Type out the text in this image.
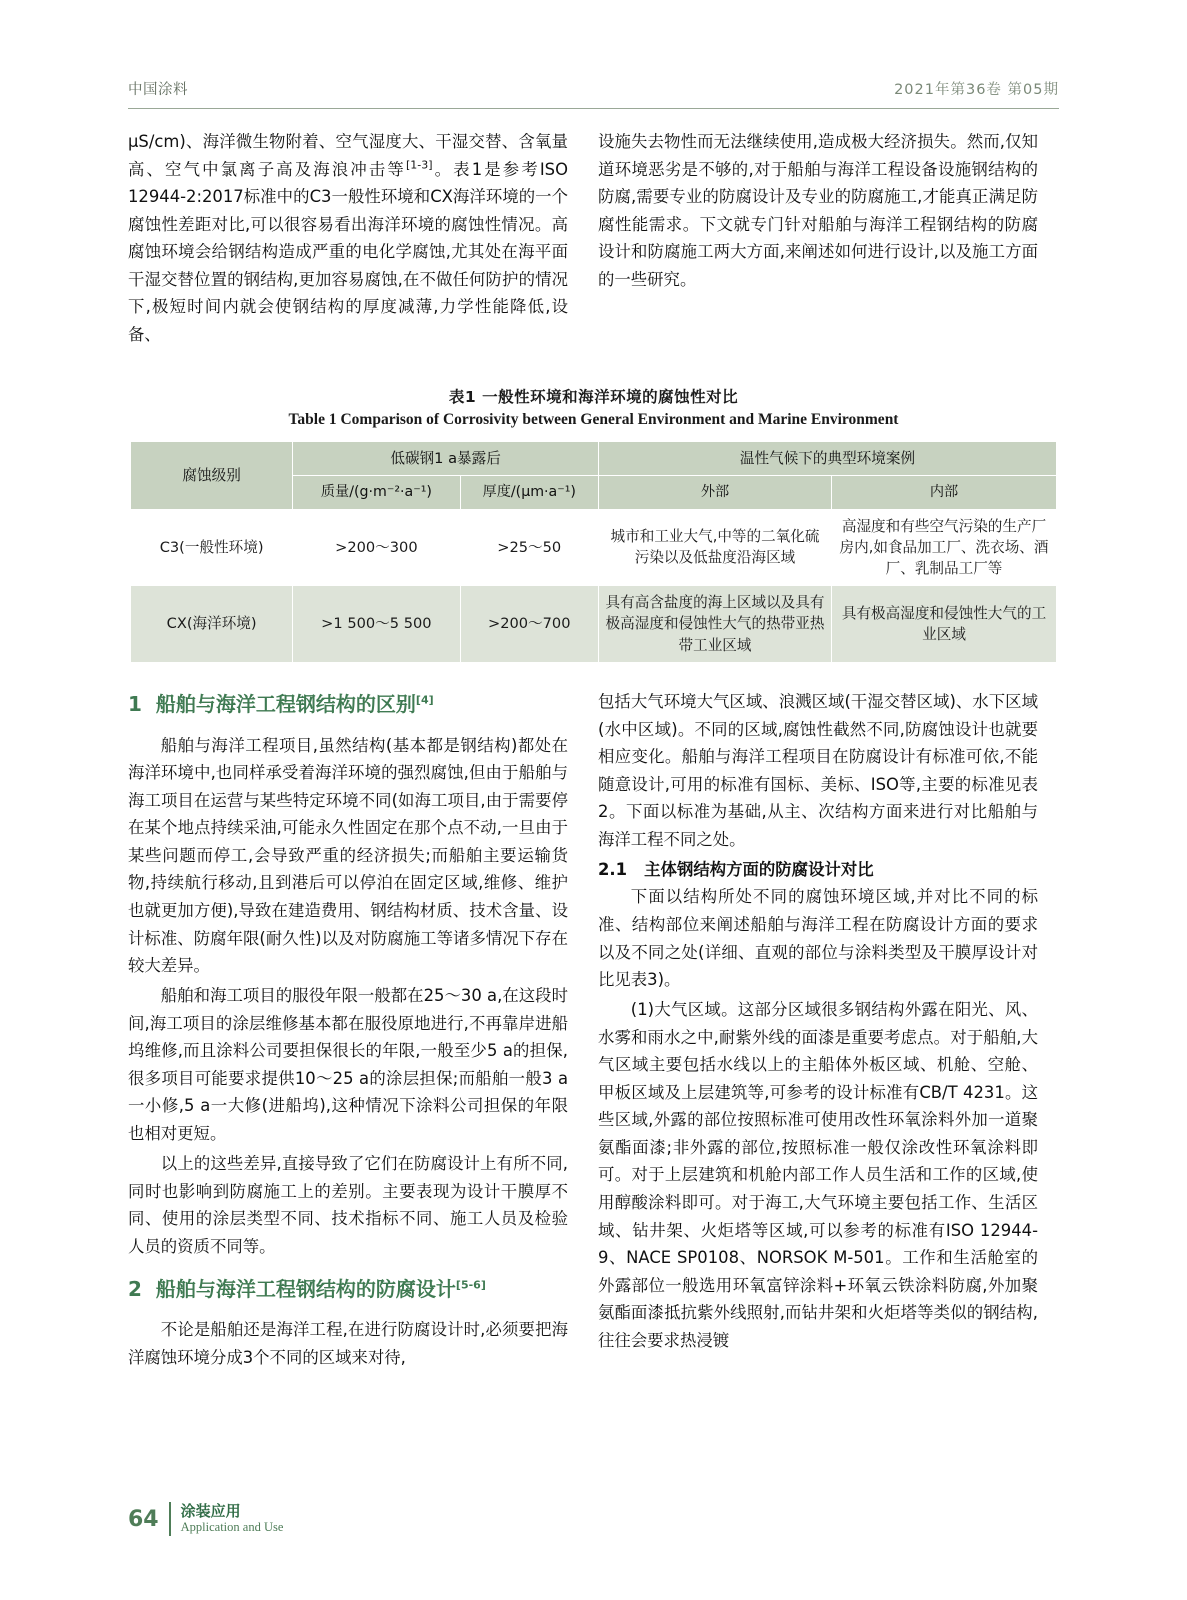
中国涂料	2021年第36卷 第05期

μS/cm)、海洋微生物附着、空气湿度大、干湿交替、含氧量高、空气中氯离子高及海浪冲击等[1-3]。表1是参考ISO 12944-2:2017标准中的C3一般性环境和CX海洋环境的一个腐蚀性差距对比,可以很容易看出海洋环境的腐蚀性情况。高腐蚀环境会给钢结构造成严重的电化学腐蚀,尤其处在海平面干湿交替位置的钢结构,更加容易腐蚀,在不做任何防护的情况下,极短时间内就会使钢结构的厚度减薄,力学性能降低,设备、

设施失去物性而无法继续使用,造成极大经济损失。然而,仅知道环境恶劣是不够的,对于船舶与海洋工程设备设施钢结构的防腐,需要专业的防腐设计及专业的防腐施工,才能真正满足防腐性能需求。下文就专门针对船舶与海洋工程钢结构的防腐设计和防腐施工两大方面,来阐述如何进行设计,以及施工方面的一些研究。

表1 一般性环境和海洋环境的腐蚀性对比
Table 1 Comparison of Corrosivity between General Environment and Marine Environment
腐蚀级别	低碳钢1 a暴露后		温性气候下的典型环境案例	
	质量/(g·m⁻²·a⁻¹)	厚度/(μm·a⁻¹)	外部	内部
C3(一般性环境)	>200～300	>25～50	城市和工业大气,中等的二氧化硫污染以及低盐度沿海区域	高湿度和有些空气污染的生产厂房内,如食品加工厂、洗衣场、酒厂、乳制品工厂等
CX(海洋环境)	>1 500～5 500	>200～700	具有高含盐度的海上区域以及具有极高湿度和侵蚀性大气的热带亚热带工业区域	具有极高湿度和侵蚀性大气的工业区域
1 船舶与海洋工程钢结构的区别[4]

船舶与海洋工程项目,虽然结构(基本都是钢结构)都处在海洋环境中,也同样承受着海洋环境的强烈腐蚀,但由于船舶与海工项目在运营与某些特定环境不同(如海工项目,由于需要停在某个地点持续采油,可能永久性固定在那个点不动,一旦由于某些问题而停工,会导致严重的经济损失;而船舶主要运输货物,持续航行移动,且到港后可以停泊在固定区域,维修、维护也就更加方便),导致在建造费用、钢结构材质、技术含量、设计标准、防腐年限(耐久性)以及对防腐施工等诸多情况下存在较大差异。

船舶和海工项目的服役年限一般都在25～30 a,在这段时间,海工项目的涂层维修基本都在服役原地进行,不再靠岸进船坞维修,而且涂料公司要担保很长的年限,一般至少5 a的担保,很多项目可能要求提供10～25 a的涂层担保;而船舶一般3 a一小修,5 a一大修(进船坞),这种情况下涂料公司担保的年限也相对更短。

以上的这些差异,直接导致了它们在防腐设计上有所不同,同时也影响到防腐施工上的差别。主要表现为设计干膜厚不同、使用的涂层类型不同、技术指标不同、施工人员及检验人员的资质不同等。

2 船舶与海洋工程钢结构的防腐设计[5-6]

不论是船舶还是海洋工程,在进行防腐设计时,必须要把海洋腐蚀环境分成3个不同的区域来对待,

包括大气环境大气区域、浪溅区域(干湿交替区域)、水下区域(水中区域)。不同的区域,腐蚀性截然不同,防腐蚀设计也就要相应变化。船舶与海洋工程项目在防腐设计有标准可依,不能随意设计,可用的标准有国标、美标、ISO等,主要的标准见表2。下面以标准为基础,从主、次结构方面来进行对比船舶与海洋工程不同之处。

2.1 主体钢结构方面的防腐设计对比

下面以结构所处不同的腐蚀环境区域,并对比不同的标准、结构部位来阐述船舶与海洋工程在防腐设计方面的要求以及不同之处(详细、直观的部位与涂料类型及干膜厚设计对比见表3)。

(1)大气区域。这部分区域很多钢结构外露在阳光、风、水雾和雨水之中,耐紫外线的面漆是重要考虑点。对于船舶,大气区域主要包括水线以上的主船体外板区域、机舱、空舱、甲板区域及上层建筑等,可参考的设计标准有CB/T 4231。这些区域,外露的部位按照标准可使用改性环氧涂料外加一道聚氨酯面漆;非外露的部位,按照标准一般仅涂改性环氧涂料即可。对于上层建筑和机舱内部工作人员生活和工作的区域,使用醇酸涂料即可。对于海工,大气环境主要包括工作、生活区域、钻井架、火炬塔等区域,可以参考的标准有ISO 12944-9、NACE SP0108、NORSOK M-501。工作和生活舱室的外露部位一般选用环氧富锌涂料+环氧云铁涂料防腐,外加聚氨酯面漆抵抗紫外线照射,而钻井架和火炬塔等类似的钢结构,往往会要求热浸镀

64 涂装应用
Application and Use
